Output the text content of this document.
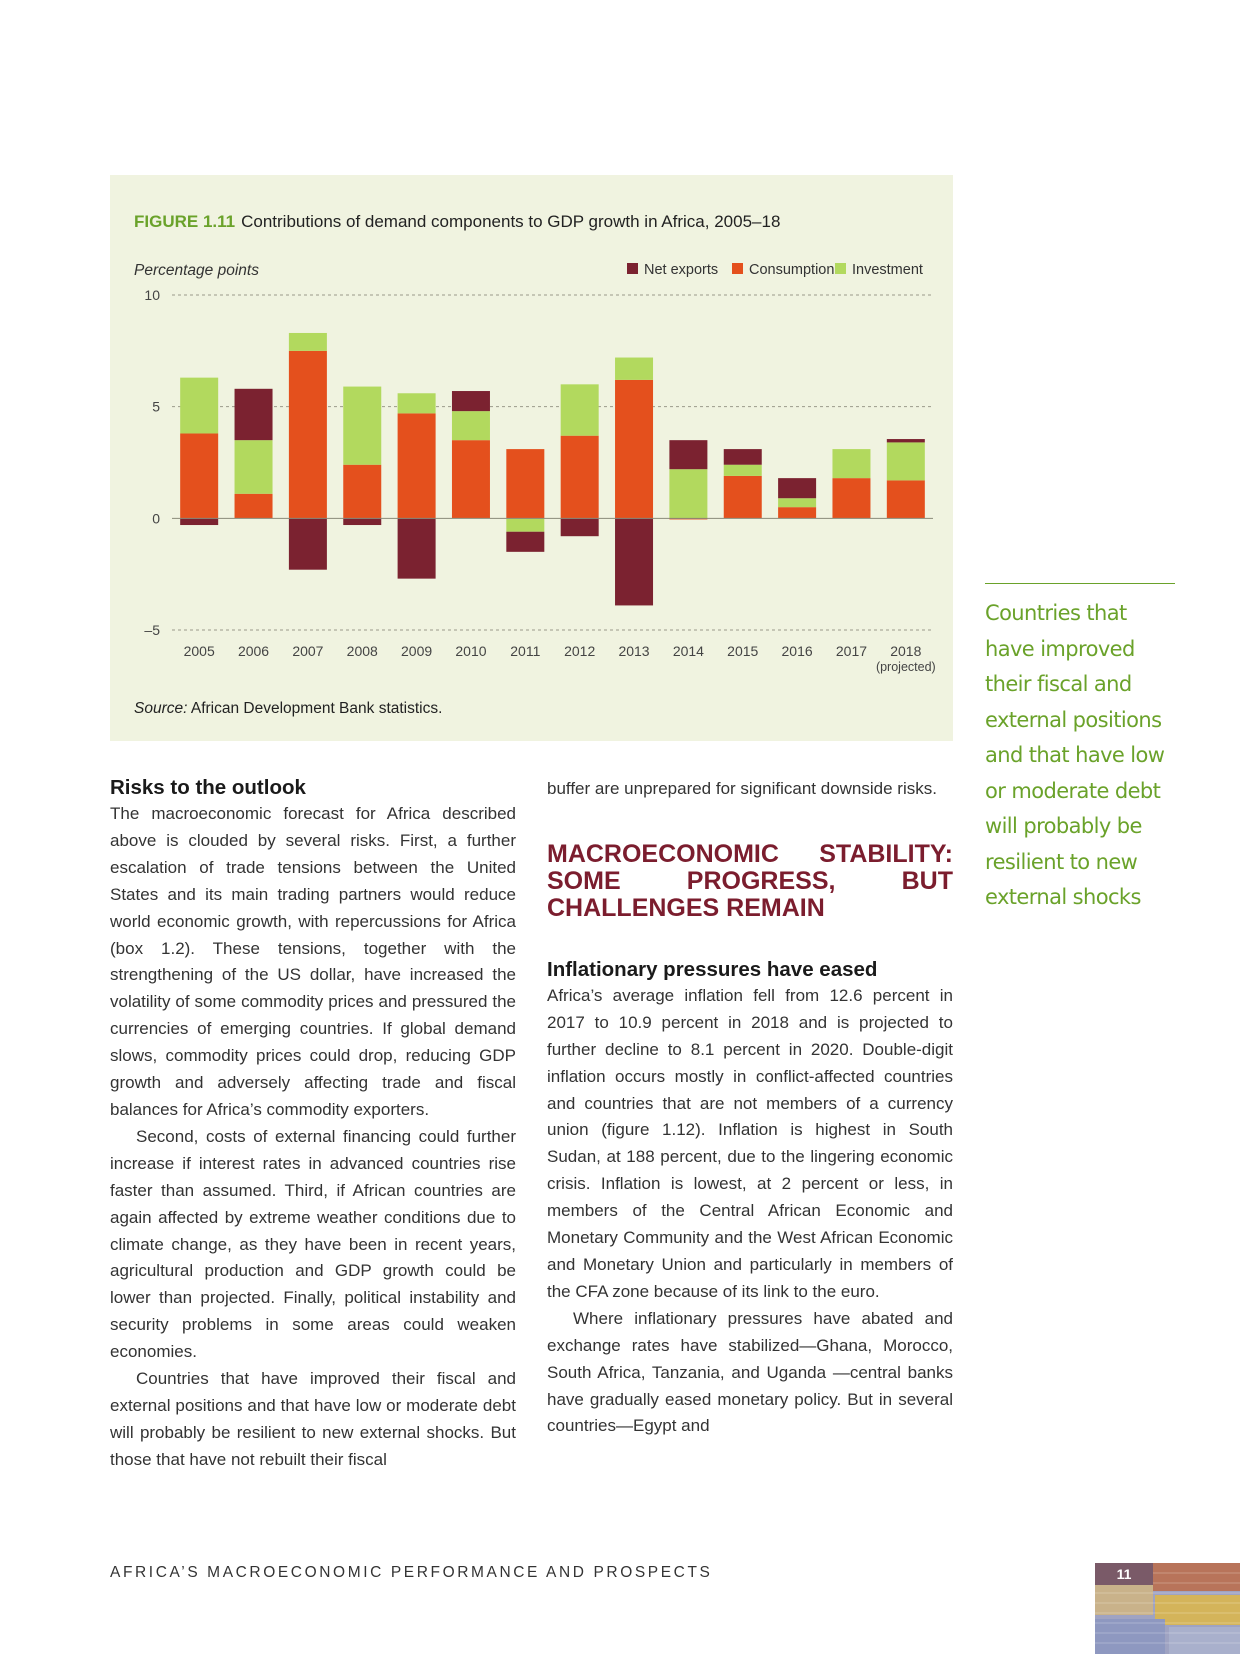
FIGURE 1.11 Contributions of demand components to GDP growth in Africa, 2005–18
Percentage points
10
5
0
–5
2005 2006 2007 2008 2009 2010 2011 2012 2013 2014 2015 2016 2017 2018
(projected)
Net exports Consumption Investment
Source: African Development Bank statistics.

Risks to the outlook

The macroeconomic forecast for Africa described above is clouded by several risks. First, a further escalation of trade tensions between the United States and its main trading partners would reduce world economic growth, with repercussions for Africa (box 1.2). These tensions, together with the strengthening of the US dollar, have increased the volatility of some commodity prices and pressured the currencies of emerging countries. If global demand slows, commodity prices could drop, reducing GDP growth and adversely affecting trade and fiscal balances for Africa’s commodity exporters.

Second, costs of external financing could further increase if interest rates in advanced countries rise faster than assumed. Third, if African countries are again affected by extreme weather conditions due to climate change, as they have been in recent years, agricultural production and GDP growth could be lower than projected. Finally, political instability and security problems in some areas could weaken economies.

Countries that have improved their fiscal and external positions and that have low or moderate debt will probably be resilient to new external shocks. But those that have not rebuilt their fiscal

buffer are unprepared for significant downside risks.

MACROECONOMIC STABILITY: SOME PROGRESS, BUT CHALLENGES REMAIN

Inflationary pressures have eased

Africa’s average inflation fell from 12.6 percent in 2017 to 10.9 percent in 2018 and is projected to further decline to 8.1 percent in 2020. Double-digit inflation occurs mostly in conflict-affected countries and countries that are not members of a currency union (figure 1.12). Inflation is highest in South Sudan, at 188 percent, due to the lingering economic crisis. Inflation is lowest, at 2 percent or less, in members of the Central African Economic and Monetary Community and the West African Economic and Monetary Union and particularly in members of the CFA zone because of its link to the euro.

Where inflationary pressures have abated and exchange rates have stabilized—Ghana, Morocco, South Africa, Tanzania, and Uganda —central banks have gradually eased monetary policy. But in several countries—Egypt and

Countries that have improved their fiscal and external positions and that have low or moderate debt will probably be resilient to new external shocks
AFRICA’S MACROECONOMIC PERFORMANCE AND PROSPECTS	11
